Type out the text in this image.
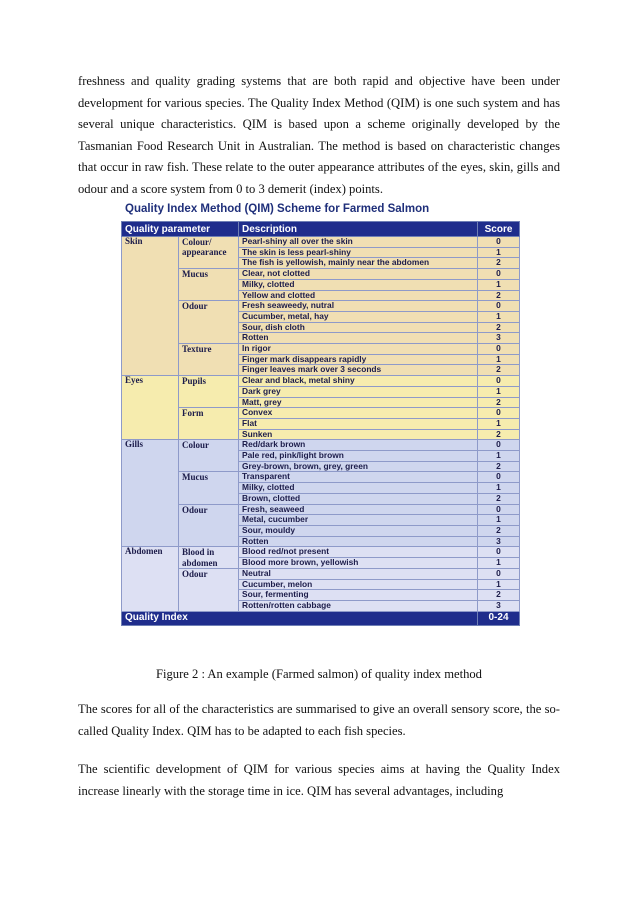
freshness and quality grading systems that are both rapid and objective have been under development for various species. The Quality Index Method (QIM) is one such system and has several unique characteristics. QIM is based upon a scheme originally developed by the Tasmanian Food Research Unit in Australian. The method is based on characteristic changes that occur in raw fish. These relate to the outer appearance attributes of the eyes, skin, gills and odour and a score system from 0 to 3 demerit (index) points.

Quality Index Method (QIM) Scheme for Farmed Salmon
Quality parameter		Description	Score
Skin	Colour/ appearance	Pearl-shiny all over the skin	0
		The skin is less pearl-shiny	1
		The fish is yellowish, mainly near the abdomen	2
	Mucus	Clear, not clotted	0
		Milky, clotted	1
		Yellow and clotted	2
	Odour	Fresh seaweedy, nutral	0
		Cucumber, metal, hay	1
		Sour, dish cloth	2
		Rotten	3
	Texture	In rigor	0
		Finger mark disappears rapidly	1
		Finger leaves mark over 3 seconds	2
Eyes	Pupils	Clear and black, metal shiny	0
		Dark grey	1
		Matt, grey	2
	Form	Convex	0
		Flat	1
		Sunken	2
Gills	Colour	Red/dark brown	0
		Pale red, pink/light brown	1
		Grey-brown, brown, grey, green	2
	Mucus	Transparent	0
		Milky, clotted	1
		Brown, clotted	2
	Odour	Fresh, seaweed	0
		Metal, cucumber	1
		Sour, mouldy	2
		Rotten	3
Abdomen	Blood in abdomen	Blood red/not present	0
		Blood more brown, yellowish	1
	Odour	Neutral	0
		Cucumber, melon	1
		Sour, fermenting	2
		Rotten/rotten cabbage	3
Quality Index			0-24

Figure 2 : An example (Farmed salmon) of quality index method

The scores for all of the characteristics are summarised to give an overall sensory score, the so-called Quality Index. QIM has to be adapted to each fish species.

The scientific development of QIM for various species aims at having the Quality Index increase linearly with the storage time in ice. QIM has several advantages, including
